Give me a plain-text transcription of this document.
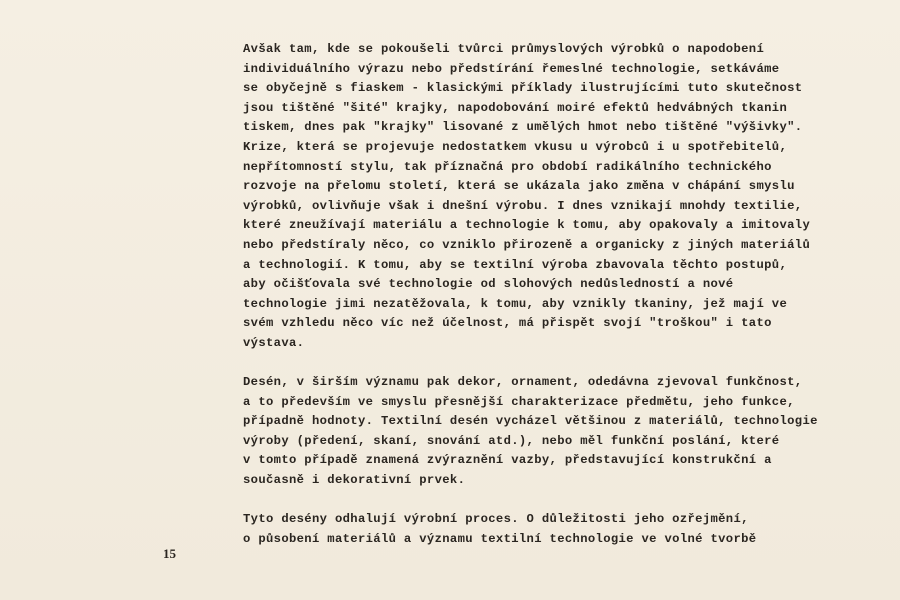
Avšak tam, kde se pokoušeli tvůrci průmyslových výrobků o napodobení
individuálního výrazu nebo předstírání řemeslné technologie, setkáváme
se obyčejně s fiaskem - klasickými příklady ilustrujícími tuto skutečnost
jsou tištěné "šité" krajky, napodobování moiré efektů hedvábných tkanin
tiskem, dnes pak "krajky" lisované z umělých hmot nebo tištěné "výšivky".
Krize, která se projevuje nedostatkem vkusu u výrobců i u spotřebitelů,
nepřítomností stylu, tak příznačná pro období radikálního technického
rozvoje na přelomu století, která se ukázala jako změna v chápání smyslu
výrobků, ovlivňuje však i dnešní výrobu. I dnes vznikají mnohdy textilie,
které zneužívají materiálu a technologie k tomu, aby opakovaly a imitovaly
nebo předstíraly něco, co vzniklo přirozeně a organicky z jiných materiálů
a technologií. K tomu, aby se textilní výroba zbavovala těchto postupů,
aby očišťovala své technologie od slohových nedůsledností a nové
technologie jimi nezatěžovala, k tomu, aby vznikly tkaniny, jež mají ve
svém vzhledu něco víc než účelnost, má přispět svojí "troškou" i tato
výstava.
Desén, v širším významu pak dekor, ornament, odedávna zjevoval funkčnost,
a to především ve smyslu přesnější charakterizace předmětu, jeho funkce,
případně hodnoty. Textilní desén vycházel většinou z materiálů, technologie
výroby (předení, skaní, snování atd.), nebo měl funkční poslání, které
v tomto případě znamená zvýraznění vazby, představující konstrukční a
současně i dekorativní prvek.
Tyto desény odhalují výrobní proces. O důležitosti jeho ozřejmění,
o působení materiálů a významu textilní technologie ve volné tvorbě
15
